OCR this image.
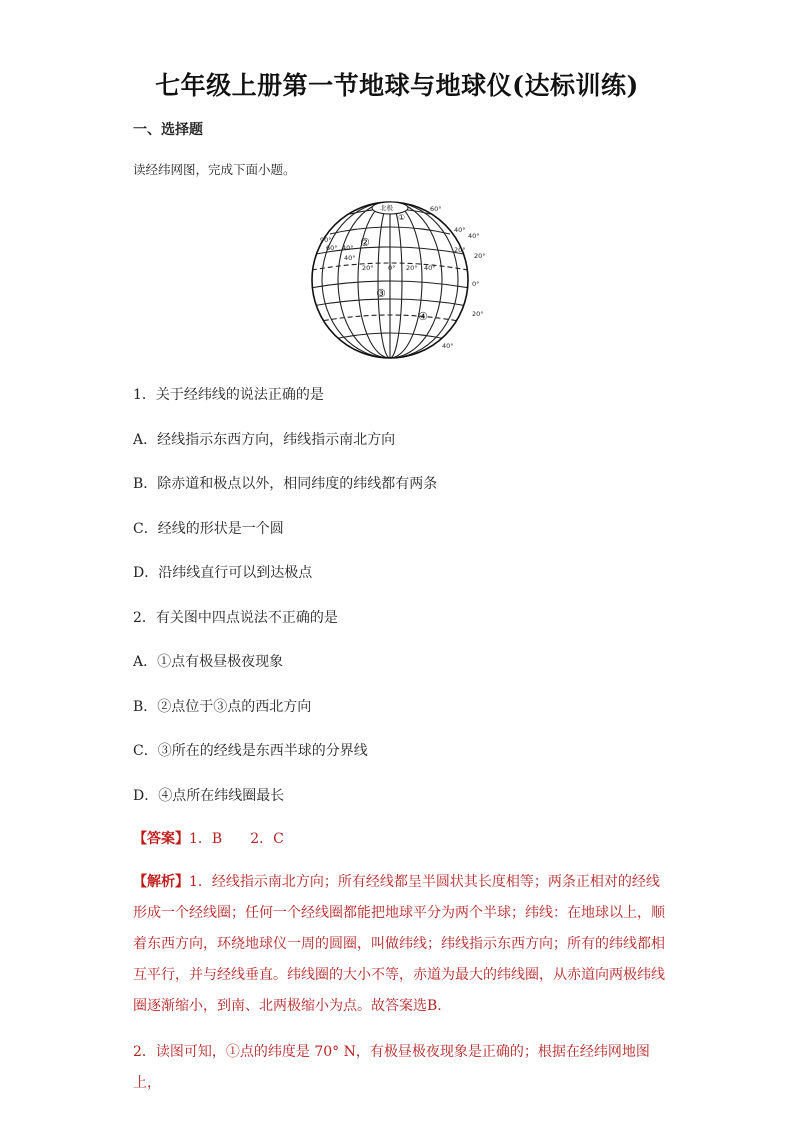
七年级上册第一节地球与地球仪(达标训练)
一、选择题
读经纬网图，完成下面小题。
北极	60°
40°
40°
20°
20°
0°
20°
40°
90°
60° 40°
40°
20° 0° 20° 40°
①
②
③
④
1．关于经纬线的说法正确的是
A．经线指示东西方向，纬线指示南北方向
B．除赤道和极点以外，相同纬度的纬线都有两条
C．经线的形状是一个圆
D．沿纬线直行可以到达极点
2．有关图中四点说法不正确的是
A．①点有极昼极夜现象
B．②点位于③点的西北方向
C．③所在的经线是东西半球的分界线
D．④点所在纬线圈最长
【答案】1．B　　2．C

【解析】1．经线指示南北方向；所有经线都呈半圆状其长度相等；两条正相对的经线形成一个经线圈；任何一个经线圈都能把地球平分为两个半球；纬线：在地球以上，顺着东西方向，环绕地球仪一周的圆圈，叫做纬线；纬线指示东西方向；所有的纬线都相互平行，并与经线垂直。纬线圈的大小不等，赤道为最大的纬线圈，从赤道向两极纬线圈逐渐缩小，到南、北两极缩小为点。故答案选B.

2．读图可知，①点的纬度是 70° N，有极昼极夜现象是正确的；根据在经纬网地图上，
